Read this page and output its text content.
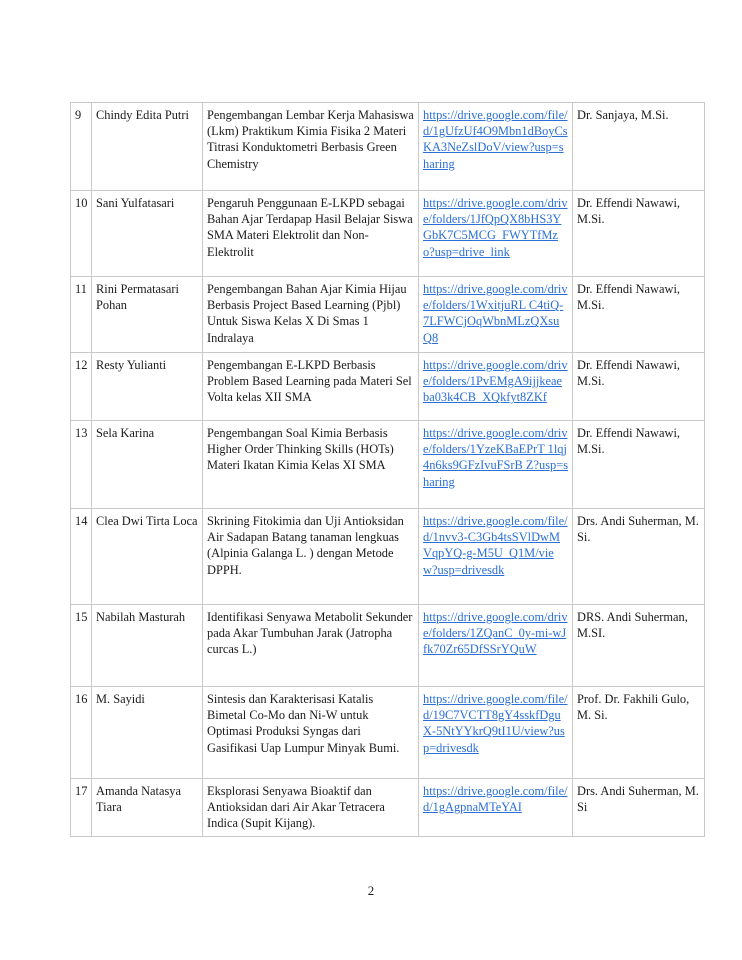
9	Chindy Edita Putri	Pengembangan Lembar Kerja Mahasiswa (Lkm) Praktikum Kimia Fisika 2 Materi Titrasi Konduktometri Berbasis Green Chemistry	https://drive.google.com/file/d/1gUfzUf4O9Mbn1dBoyCsKA3NeZslDoV/view?usp=sharing	Dr. Sanjaya, M.Si.
10	Sani Yulfatasari	Pengaruh Penggunaan E-LKPD sebagai Bahan Ajar Terdapap Hasil Belajar Siswa SMA Materi Elektrolit dan Non-Elektrolit	https://drive.google.com/drive/folders/1JfQpQX8bHS3YGbK7C5MCG_FWYTfMzo?usp=drive_link	Dr. Effendi Nawawi, M.Si.
11	Rini Permatasari Pohan	Pengembangan Bahan Ajar Kimia Hijau Berbasis Project Based Learning (Pjbl) Untuk Siswa Kelas X Di Smas 1 Indralaya	https://drive.google.com/drive/folders/1WxitjuRL C4tiQ-7LFWCjOqWbnMLzQXsuQ8	Dr. Effendi Nawawi, M.Si.
12	Resty Yulianti	Pengembangan E-LKPD Berbasis Problem Based Learning pada Materi Sel Volta kelas XII SMA	https://drive.google.com/drive/folders/1PvEMgA9ijjkeaeba03k4CB_XQkfyt8ZKf	Dr. Effendi Nawawi, M.Si.
13	Sela Karina	Pengembangan Soal Kimia Berbasis Higher Order Thinking Skills (HOTs) Materi Ikatan Kimia Kelas XI SMA	https://drive.google.com/drive/folders/1YzeKBaEPrT 1lqj4n6ks9GFzIvuFSrB Z?usp=sharing	Dr. Effendi Nawawi, M.Si.
14	Clea Dwi Tirta Loca	Skrining Fitokimia dan Uji Antioksidan Air Sadapan Batang tanaman lengkuas (Alpinia Galanga L. ) dengan Metode DPPH.	https://drive.google.com/file/d/1nvv3-C3Gb4tsSVlDwMVqpYQ-g-M5U_Q1M/view?usp=drivesdk	Drs. Andi Suherman, M. Si.
15	Nabilah Masturah	Identifikasi Senyawa Metabolit Sekunder pada Akar Tumbuhan Jarak (Jatropha curcas L.)	https://drive.google.com/drive/folders/1ZQanC_0y-mi-wJfk70Zr65DfSSrYQuW	DRS. Andi Suherman, M.SI.
16	M. Sayidi	Sintesis dan Karakterisasi Katalis Bimetal Co-Mo dan Ni-W untuk Optimasi Produksi Syngas dari Gasifikasi Uap Lumpur Minyak Bumi.	https://drive.google.com/file/d/19C7VCTT8gY4sskfDguX-5NtYYkrQ9tI1U/view?usp=drivesdk	Prof. Dr. Fakhili Gulo, M. Si.
17	Amanda Natasya Tiara	Eksplorasi Senyawa Bioaktif dan Antioksidan dari Air Akar Tetracera Indica (Supit Kijang).	https://drive.google.com/file/d/1gAgpnaMTeYAI	Drs. Andi Suherman, M. Si
2
